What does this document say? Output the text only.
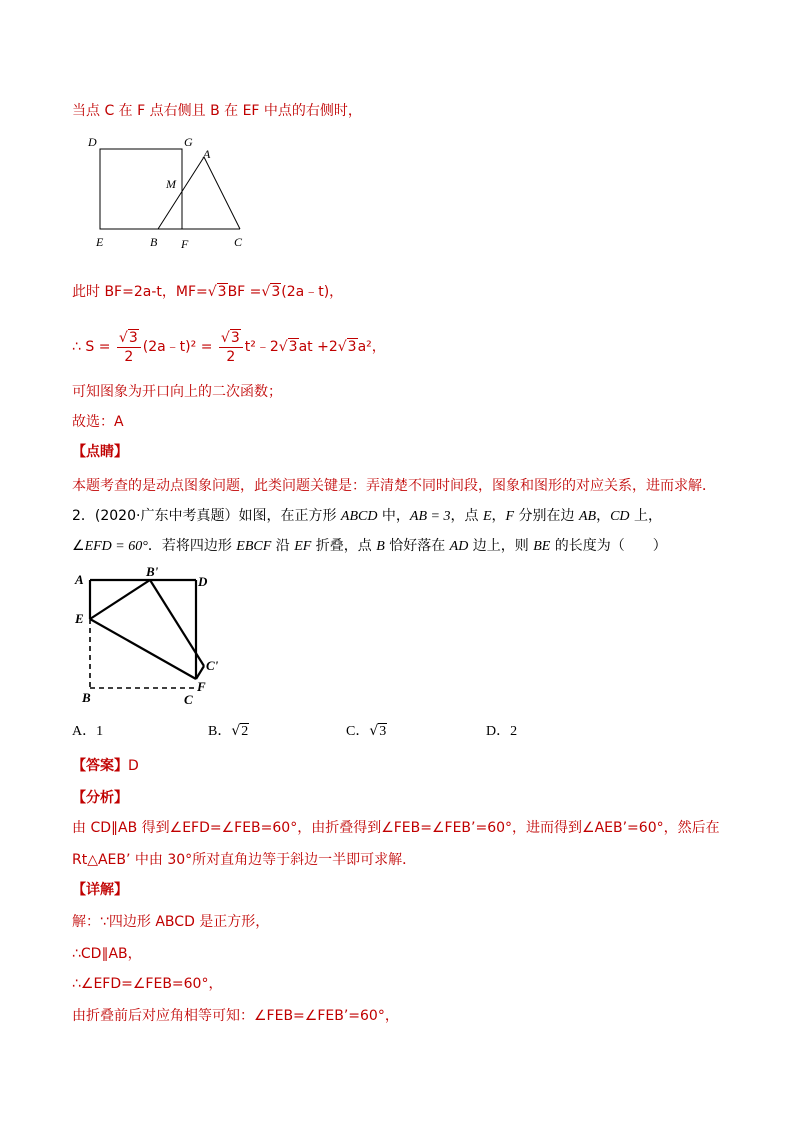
当点 C 在 F 点右侧且 B 在 EF 中点的右侧时，
D	G
A
M
E	B F	C
此时 BF=2a-t，MF=√3BF =√3(2a﹣t)，
∴ $S = \frac{√3}{2}$ (2a﹣t)² = $\frac{√3}{2}$ t²﹣2√3at +2√3a²，
可知图象为开口向上的二次函数；
故选：A
【点睛】
本题考查的是动点图象问题，此类问题关键是：弄清楚不同时间段，图象和图形的对应关系，进而求解．
2．(2020·广东中考真题）如图，在正方形 ABCD 中，AB = 3，点 E，F 分别在边 AB，CD 上，
∠EFD = 60°．若将四边形 EBCF 沿 EF 折叠，点 B 恰好落在 AD 边上，则 BE 的长度为（　　）
A
B'
D
E
C'
F
B	C
A．1	B．√2	C．√3	D．2
【答案】D
【分析】
由 CD∥AB 得到∠EFD=∠FEB=60°，由折叠得到∠FEB=∠FEB’=60°，进而得到∠AEB’=60°，然后在
Rt△AEB’ 中由 30°所对直角边等于斜边一半即可求解．
【详解】
解：∵四边形 ABCD 是正方形，
∴CD∥AB，
∴∠EFD=∠FEB=60°，
由折叠前后对应角相等可知：∠FEB=∠FEB’=60°，
